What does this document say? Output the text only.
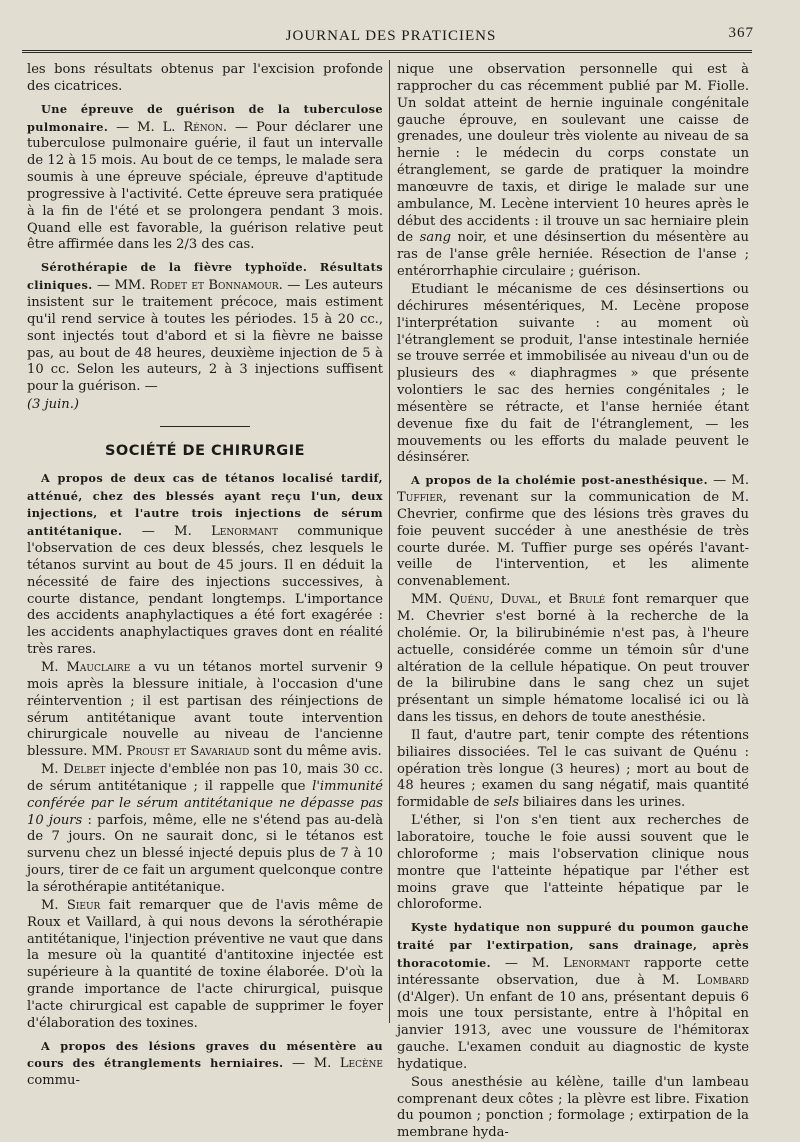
JOURNAL DES PRATICIENS	367

les bons résultats obtenus par l'excision profonde des cicatrices.

Une épreuve de guérison de la tuberculose pulmonaire. — M. L. Rénon. — Pour déclarer une tuberculose pulmonaire guérie, il faut un intervalle de 12 à 15 mois. Au bout de ce temps, le malade sera soumis à une épreuve spéciale, épreuve d'aptitude progressive à l'activité. Cette épreuve sera pratiquée à la fin de l'été et se prolongera pendant 3 mois. Quand elle est favorable, la guérison relative peut être affirmée dans les 2/3 des cas.

Sérothérapie de la fièvre typhoïde. Résultats cliniques. — MM. Rodet et Bonnamour. — Les auteurs insistent sur le traitement précoce, mais estiment qu'il rend service à toutes les périodes. 15 à 20 cc., sont injectés tout d'abord et si la fièvre ne baisse pas, au bout de 48 heures, deuxième injection de 5 à 10 cc. Selon les auteurs, 2 à 3 injections suffisent pour la guérison. —

(3 juin.)

SOCIÉTÉ DE CHIRURGIE

A propos de deux cas de tétanos localisé tardif, atténué, chez des blessés ayant reçu l'un, deux injections, et l'autre trois injections de sérum antitétanique. — M. Lenormant communique l'observation de ces deux blessés, chez lesquels le tétanos survint au bout de 45 jours. Il en déduit la nécessité de faire des injections successives, à courte distance, pendant longtemps. L'importance des accidents anaphylactiques a été fort exagérée : les accidents anaphylactiques graves dont en réalité très rares.

M. Mauclaire a vu un tétanos mortel survenir 9 mois après la blessure initiale, à l'occasion d'une réintervention ; il est partisan des réinjections de sérum antitétanique avant toute intervention chirurgicale nouvelle au niveau de l'ancienne blessure. MM. Proust et Savariaud sont du même avis.

M. Delbet injecte d'emblée non pas 10, mais 30 cc. de sérum antitétanique ; il rappelle que l'immunité conférée par le sérum antitétanique ne dépasse pas 10 jours : parfois, même, elle ne s'étend pas au-delà de 7 jours. On ne saurait donc, si le tétanos est survenu chez un blessé injecté depuis plus de 7 à 10 jours, tirer de ce fait un argument quelconque contre la sérothérapie antitétanique.

M. Sieur fait remarquer que de l'avis même de Roux et Vaillard, à qui nous devons la sérothérapie antitétanique, l'injection préventive ne vaut que dans la mesure où la quantité d'antitoxine injectée est supérieure à la quantité de toxine élaborée. D'où la grande importance de l'acte chirurgical, puisque l'acte chirurgical est capable de supprimer le foyer d'élaboration des toxines.

A propos des lésions graves du mésentère au cours des étranglements herniaires. — M. Lecène commu-

nique une observation personnelle qui est à rapprocher du cas récemment publié par M. Fiolle. Un soldat atteint de hernie inguinale congénitale gauche éprouve, en soulevant une caisse de grenades, une douleur très violente au niveau de sa hernie : le médecin du corps constate un étranglement, se garde de pratiquer la moindre manœuvre de taxis, et dirige le malade sur une ambulance, M. Lecène intervient 10 heures après le début des accidents : il trouve un sac herniaire plein de sang noir, et une désinsertion du mésentère au ras de l'anse grêle herniée. Résection de l'anse ; entérorrhaphie circulaire ; guérison.

Etudiant le mécanisme de ces désinsertions ou déchirures mésentériques, M. Lecène propose l'interprétation suivante : au moment où l'étranglement se produit, l'anse intestinale herniée se trouve serrée et immobilisée au niveau d'un ou de plusieurs des « diaphragmes » que présente volontiers le sac des hernies congénitales ; le mésentère se rétracte, et l'anse herniée étant devenue fixe du fait de l'étranglement, — les mouvements ou les efforts du malade peuvent le désinsérer.

A propos de la cholémie post-anesthésique. — M. Tuffier, revenant sur la communication de M. Chevrier, confirme que des lésions très graves du foie peuvent succéder à une anesthésie de très courte durée. M. Tuffier purge ses opérés l'avant-veille de l'intervention, et les alimente convenablement.

MM. Quénu, Duval, et Brulé font remarquer que M. Chevrier s'est borné à la recherche de la cholémie. Or, la bilirubinémie n'est pas, à l'heure actuelle, considérée comme un témoin sûr d'une altération de la cellule hépatique. On peut trouver de la bilirubine dans le sang chez un sujet présentant un simple hématome localisé ici ou là dans les tissus, en dehors de toute anesthésie.

Il faut, d'autre part, tenir compte des rétentions biliaires dissociées. Tel le cas suivant de Quénu : opération très longue (3 heures) ; mort au bout de 48 heures ; examen du sang négatif, mais quantité formidable de sels biliaires dans les urines.

L'éther, si l'on s'en tient aux recherches de laboratoire, touche le foie aussi souvent que le chloroforme ; mais l'observation clinique nous montre que l'atteinte hépatique par l'éther est moins grave que l'atteinte hépatique par le chloroforme.

Kyste hydatique non suppuré du poumon gauche traité par l'extirpation, sans drainage, après thoracotomie. — M. Lenormant rapporte cette intéressante observation, due à M. Lombard (d'Alger). Un enfant de 10 ans, présentant depuis 6 mois une toux persistante, entre à l'hôpital en janvier 1913, avec une voussure de l'hémitorax gauche. L'examen conduit au diagnostic de kyste hydatique.

Sous anesthésie au kélène, taille d'un lambeau comprenant deux côtes ; la plèvre est libre. Fixation du poumon ; ponction ; formolage ; extirpation de la membrane hyda-
